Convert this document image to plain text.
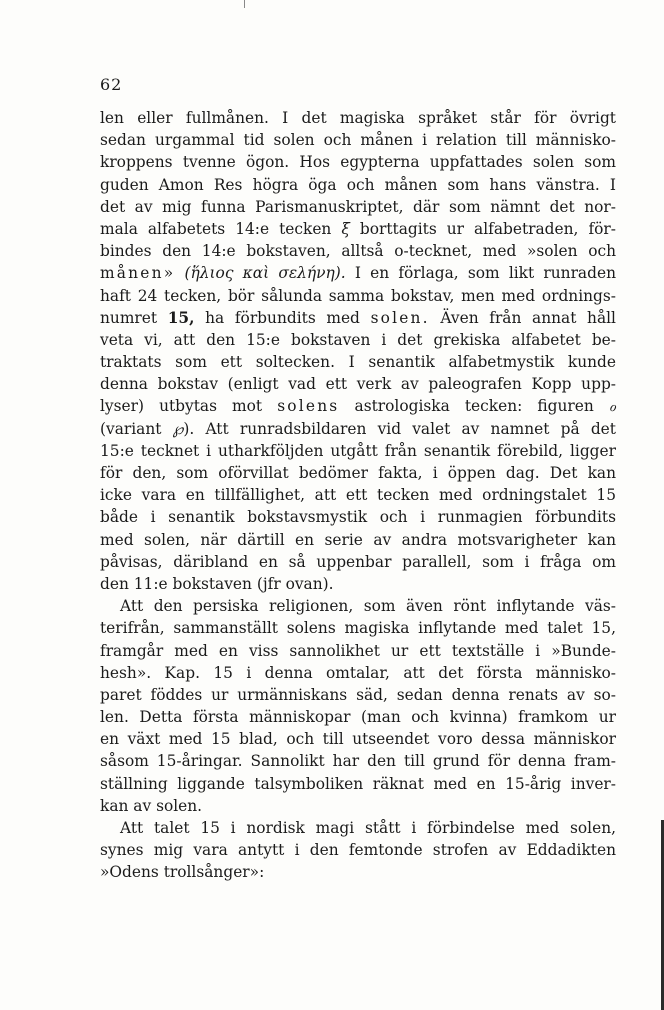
62
len eller fullmånen. I det magiska språket står för övrigt
sedan urgammal tid solen och månen i relation till människo-
kroppens tvenne ögon. Hos egypterna uppfattades solen som
guden Amon Res högra öga och månen som hans vänstra. I
det av mig funna Parismanuskriptet, där som nämnt det nor-
mala alfabetets 14:e tecken ξ borttagits ur alfabetraden, för-
bindes den 14:e bokstaven, alltså o-tecknet, med »solen och
månen» (ἥλιος καὶ σελήνη). I en förlaga, som likt runraden
haft 24 tecken, bör sålunda samma bokstav, men med ordnings-
numret 15, ha förbundits med solen. Även från annat håll
veta vi, att den 15:e bokstaven i det grekiska alfabetet be-
traktats som ett soltecken. I senantik alfabetmystik kunde
denna bokstav (enligt vad ett verk av paleografen Kopp upp-
lyser) utbytas mot solens astrologiska tecken: figuren ℴ
(variant ℘). Att runradsbildaren vid valet av namnet på det
15:e tecknet i utharkföljden utgått från senantik förebild, ligger
för den, som oförvillat bedömer fakta, i öppen dag. Det kan
icke vara en tillfällighet, att ett tecken med ordningstalet 15
både i senantik bokstavsmystik och i runmagien förbundits
med solen, när därtill en serie av andra motsvarigheter kan
påvisas, däribland en så uppenbar parallell, som i fråga om
den 11:e bokstaven (jfr ovan).
Att den persiska religionen, som även rönt inflytande väs-
terifrån, sammanställt solens magiska inflytande med talet 15,
framgår med en viss sannolikhet ur ett textställe i »Bunde-
hesh». Kap. 15 i denna omtalar, att det första människo-
paret föddes ur urmänniskans säd, sedan denna renats av so-
len. Detta första människopar (man och kvinna) framkom ur
en växt med 15 blad, och till utseendet voro dessa människor
såsom 15-åringar. Sannolikt har den till grund för denna fram-
ställning liggande talsymboliken räknat med en 15-årig inver-
kan av solen.
Att talet 15 i nordisk magi stått i förbindelse med solen,
synes mig vara antytt i den femtonde strofen av Eddadikten
»Odens trollsånger»:
